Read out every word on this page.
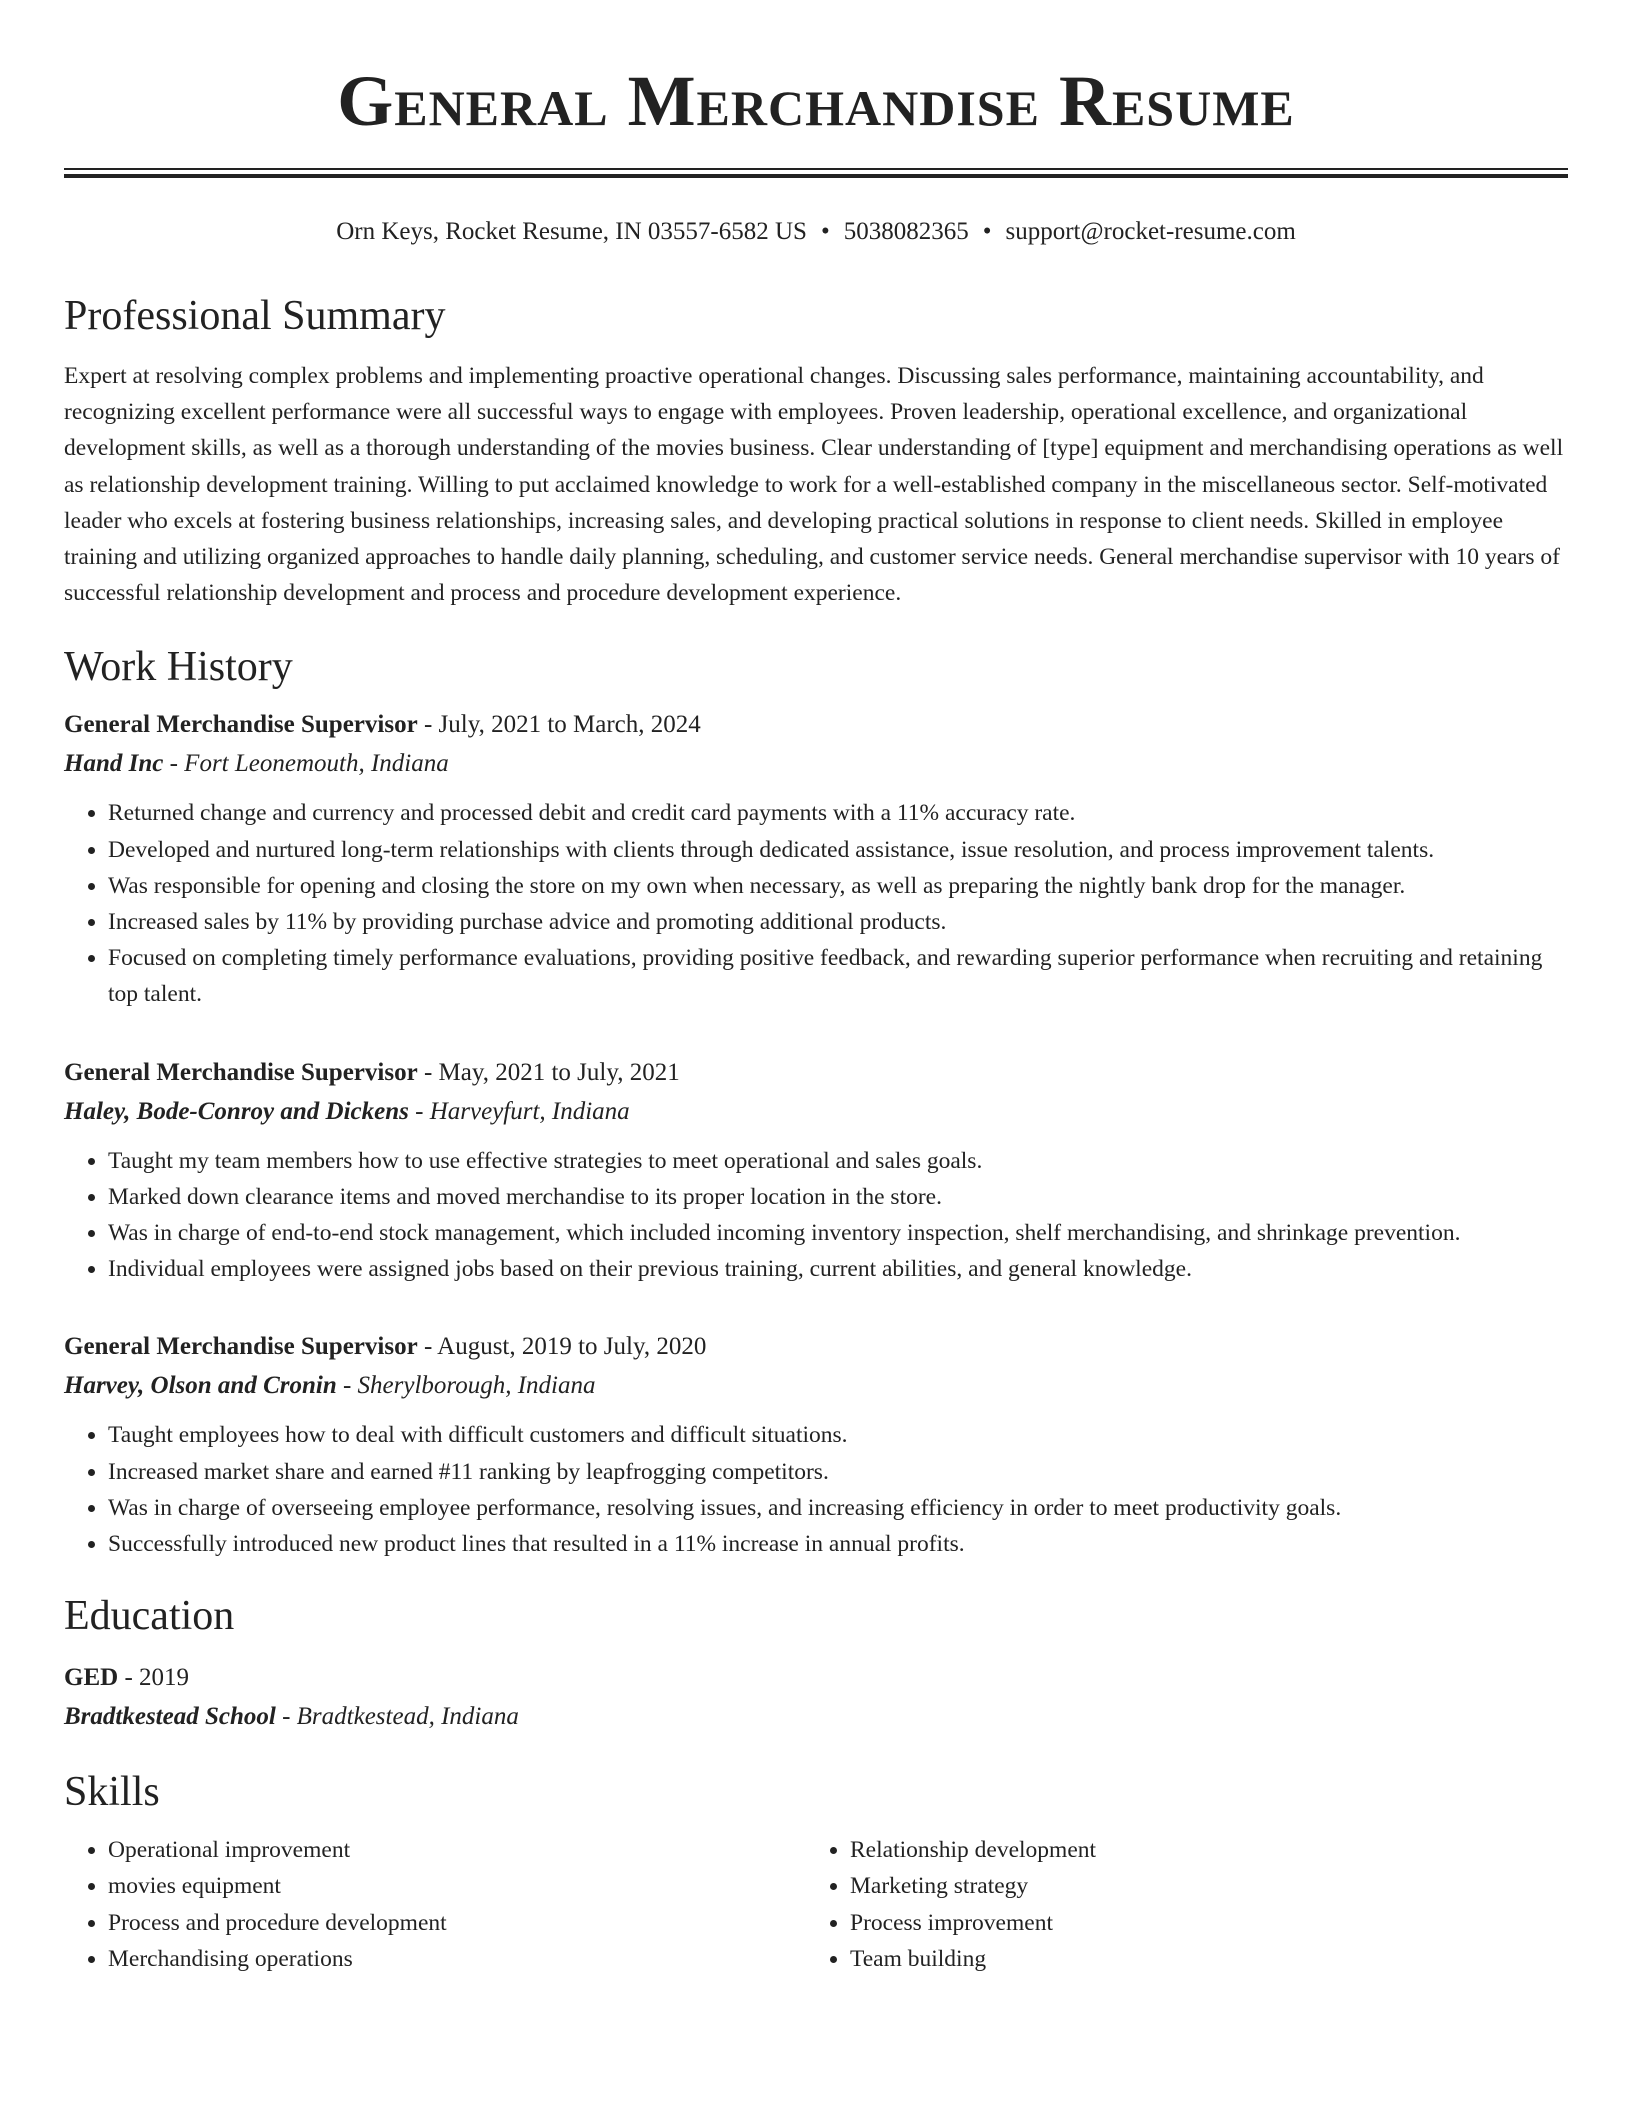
General Merchandise Resume
Orn Keys, Rocket Resume, IN 03557-6582 US • 5038082365 • support@rocket-resume.com
Professional Summary
Expert at resolving complex problems and implementing proactive operational changes. Discussing sales performance, maintaining accountability, and recognizing excellent performance were all successful ways to engage with employees. Proven leadership, operational excellence, and organizational development skills, as well as a thorough understanding of the movies business. Clear understanding of [type] equipment and merchandising operations as well as relationship development training. Willing to put acclaimed knowledge to work for a well-established company in the miscellaneous sector. Self-motivated leader who excels at fostering business relationships, increasing sales, and developing practical solutions in response to client needs. Skilled in employee training and utilizing organized approaches to handle daily planning, scheduling, and customer service needs. General merchandise supervisor with 10 years of successful relationship development and process and procedure development experience.
Work History
General Merchandise Supervisor - July, 2021 to March, 2024
Hand Inc - Fort Leonemouth, Indiana
• Returned change and currency and processed debit and credit card payments with a 11% accuracy rate.
• Developed and nurtured long-term relationships with clients through dedicated assistance, issue resolution, and process improvement talents.
• Was responsible for opening and closing the store on my own when necessary, as well as preparing the nightly bank drop for the manager.
• Increased sales by 11% by providing purchase advice and promoting additional products.
• Focused on completing timely performance evaluations, providing positive feedback, and rewarding superior performance when recruiting and retaining top talent.
General Merchandise Supervisor - May, 2021 to July, 2021
Haley, Bode-Conroy and Dickens - Harveyfurt, Indiana
• Taught my team members how to use effective strategies to meet operational and sales goals.
• Marked down clearance items and moved merchandise to its proper location in the store.
• Was in charge of end-to-end stock management, which included incoming inventory inspection, shelf merchandising, and shrinkage prevention.
• Individual employees were assigned jobs based on their previous training, current abilities, and general knowledge.
General Merchandise Supervisor - August, 2019 to July, 2020
Harvey, Olson and Cronin - Sherylborough, Indiana
• Taught employees how to deal with difficult customers and difficult situations.
• Increased market share and earned #11 ranking by leapfrogging competitors.
• Was in charge of overseeing employee performance, resolving issues, and increasing efficiency in order to meet productivity goals.
• Successfully introduced new product lines that resulted in a 11% increase in annual profits.
Education
GED - 2019
Bradtkestead School - Bradtkestead, Indiana
Skills
• Operational improvement
• movies equipment
• Process and procedure development
• Merchandising operations
• Relationship development
• Marketing strategy
• Process improvement
• Team building
